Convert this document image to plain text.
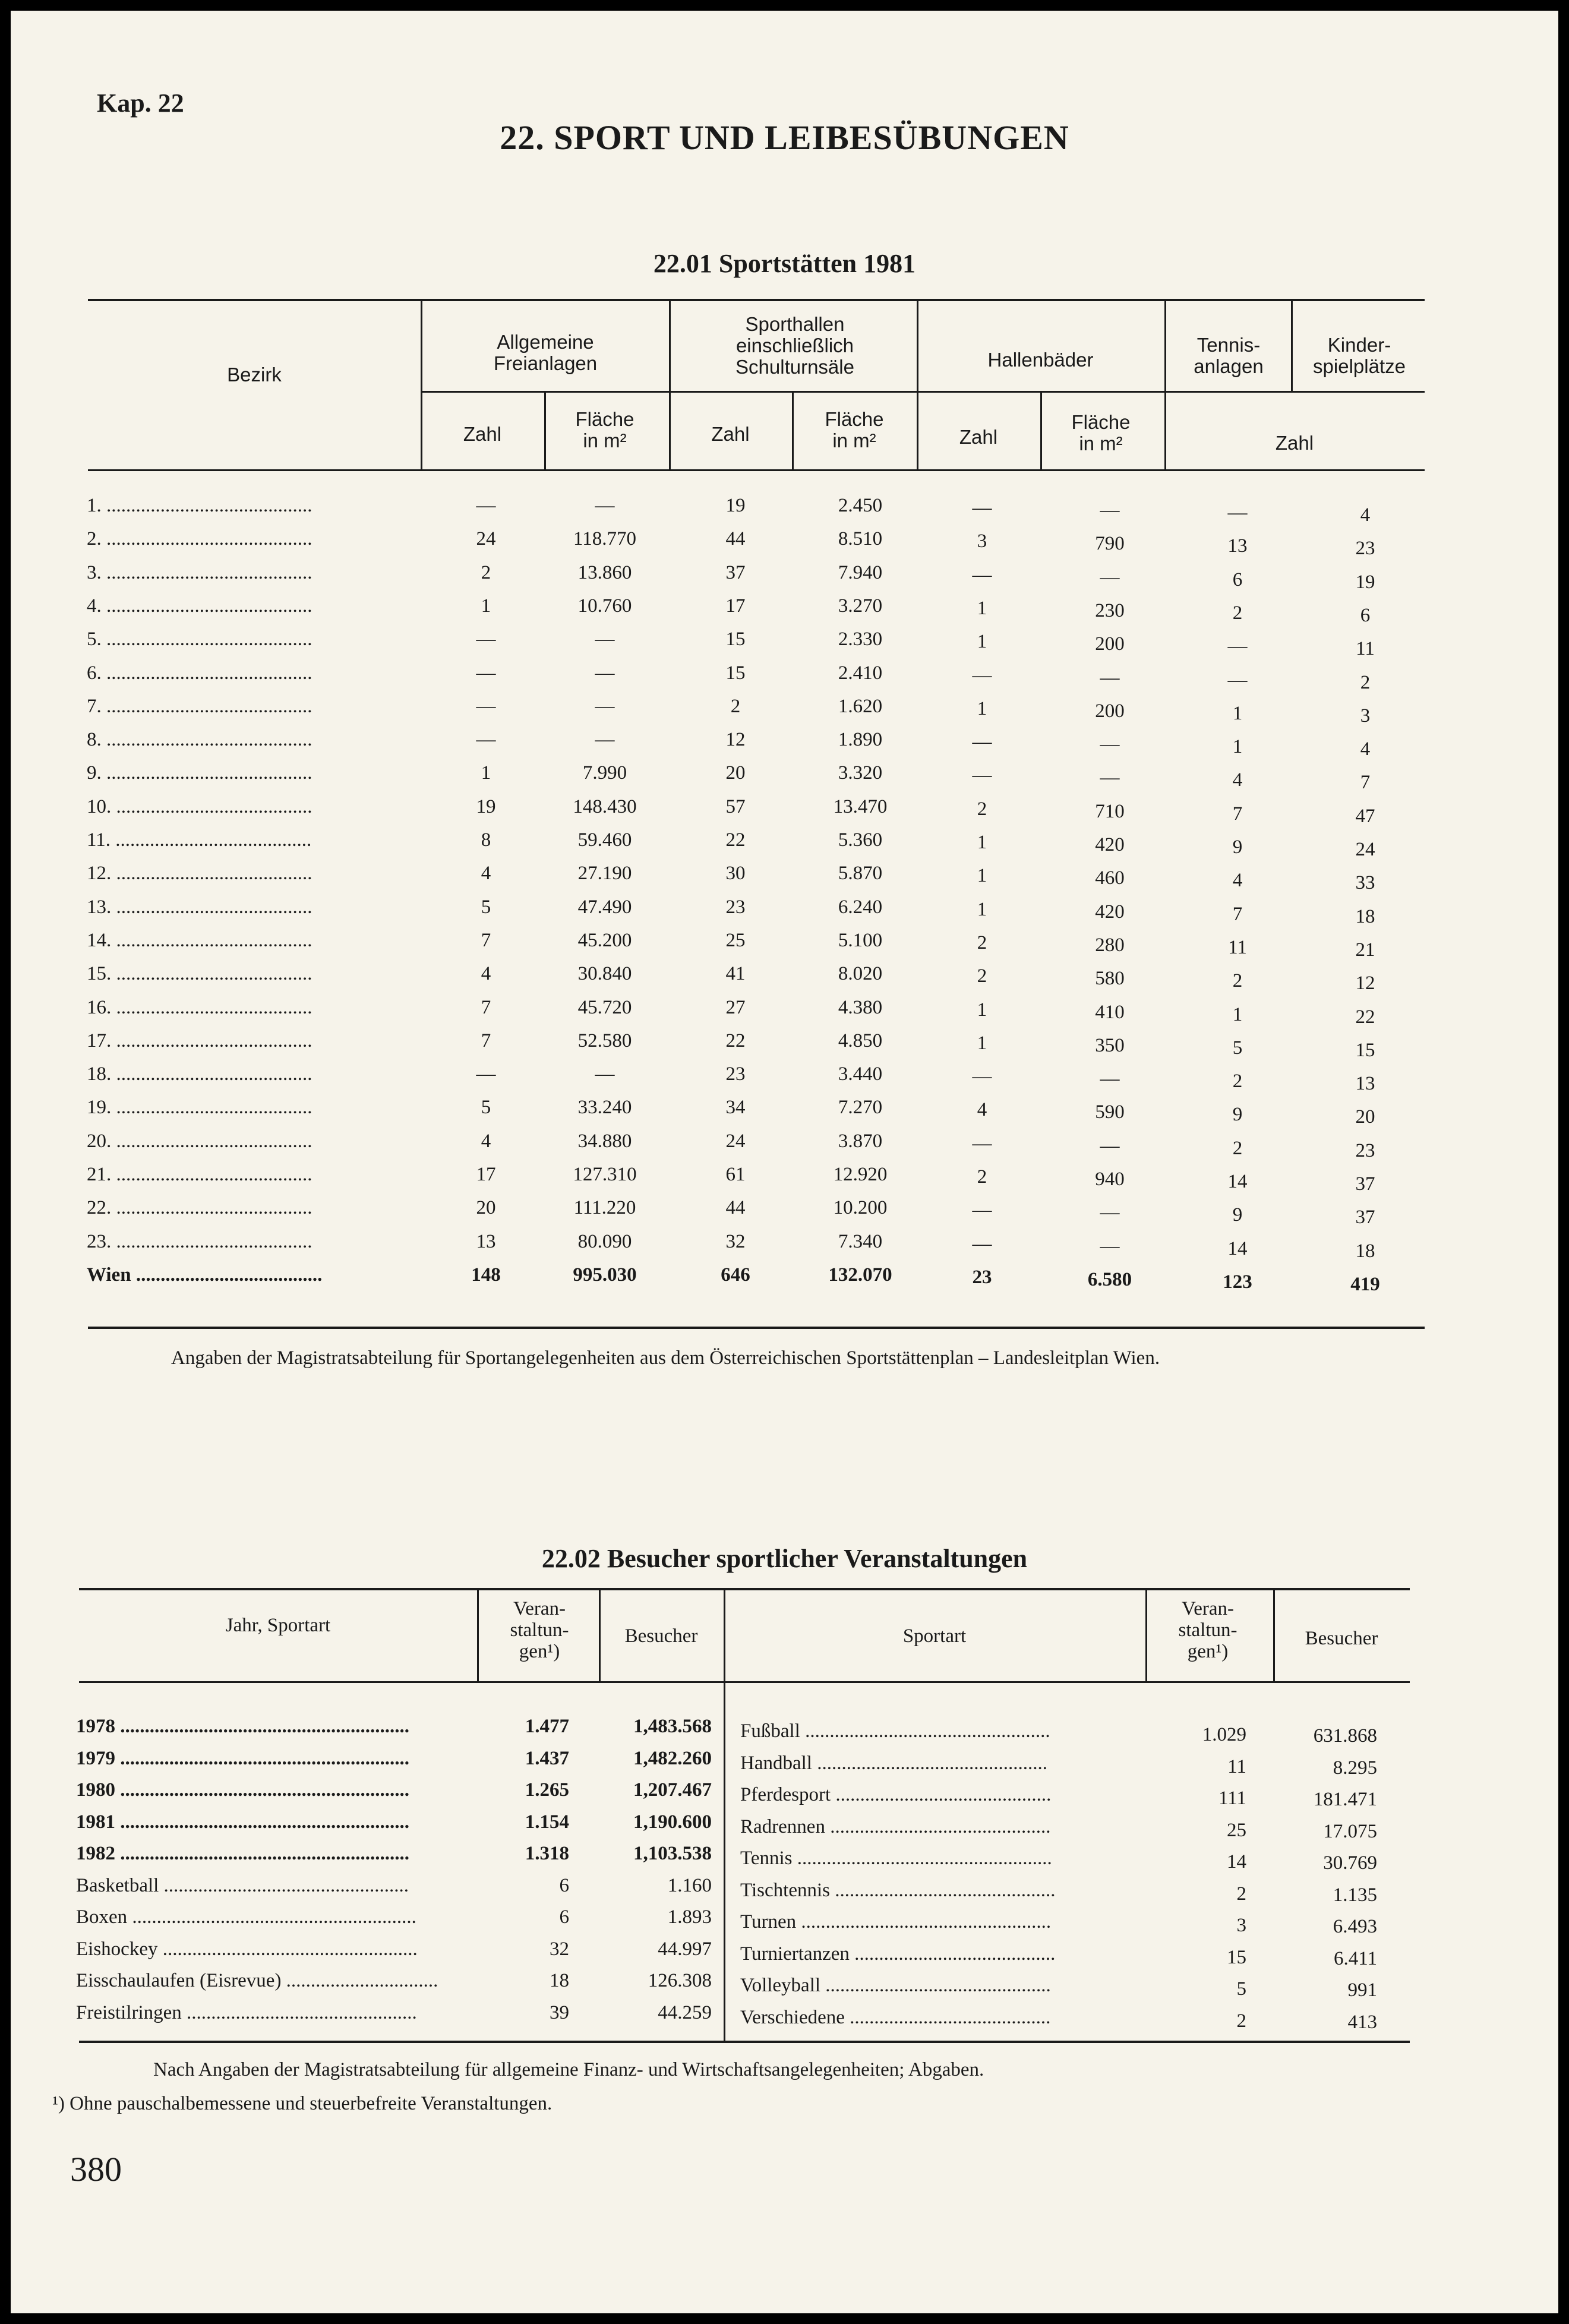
Kap. 22
22. SPORT UND LEIBESÜBUNGEN
22.01 Sportstätten 1981
Bezirk
Allgemeine Freianlagen
Sporthallen einschließlich Schulturnsäle	Hallenbäder
Tennis-anlagen
Kinder-spielplätze
Zahl
Fläche in m²	Zahl
Fläche in m²	Zahl
Fläche in m²	Zahl
1. ..........................................	—	—	19	2.450	—	—	—	4
2. ..........................................	24	118.770	44	8.510	3	790	13	23
3. ..........................................	2	13.860	37	7.940	—	—	6	19
4. ..........................................	1	10.760	17	3.270	1	230	2	6
5. ..........................................	—	—	15	2.330	1	200	—	11
6. ..........................................	—	—	15	2.410	—	—	—	2
7. ..........................................	—	—	2	1.620	1	200	1	3
8. ..........................................	—	—	12	1.890	—	—	1	4
9. ..........................................	1	7.990	20	3.320	—	—	4	7
10. ........................................	19	148.430	57	13.470	2	710	7	47
11. ........................................	8	59.460	22	5.360	1	420	9	24
12. ........................................	4	27.190	30	5.870	1	460	4	33
13. ........................................	5	47.490	23	6.240	1	420	7	18
14. ........................................	7	45.200	25	5.100	2	280	11	21
15. ........................................	4	30.840	41	8.020	2	580	2	12
16. ........................................	7	45.720	27	4.380	1	410	1	22
17. ........................................	7	52.580	22	4.850	1	350	5	15
18. ........................................	—	—	23	3.440	—	—	2	13
19. ........................................	5	33.240	34	7.270	4	590	9	20
20. ........................................	4	34.880	24	3.870	—	—	2	23
21. ........................................	17	127.310	61	12.920	2	940	14	37
22. ........................................	20	111.220	44	10.200	—	—	9	37
23. ........................................	13	80.090	32	7.340	—	—	14	18
Wien ......................................	148	995.030	646	132.070	23	6.580	123	419
Angaben der Magistratsabteilung für Sportangelegenheiten aus dem Österreichischen Sportstättenplan – Landesleitplan Wien.
22.02 Besucher sportlicher Veranstaltungen
Jahr, Sportart
Veran-staltun-gen¹)
Besucher	Sportart
Veran-staltun-gen¹)
Besucher
1978 ...........................................................	1.477	1,483.568 Fußball ..................................................	1.029	631.868
1979 ...........................................................	1.437	1,482.260 Handball ...............................................	11	8.295
1980 ...........................................................	1.265	1,207.467 Pferdesport ............................................	111	181.471
1981 ...........................................................	1.154	1,190.600 Radrennen .............................................	25	17.075
1982 ...........................................................	1.318	1,103.538 Tennis ....................................................	14	30.769
Basketball ..................................................	6	1.160 Tischtennis .............................................	2	1.135
Boxen ..........................................................	6	1.893 Turnen ...................................................	3	6.493
Eishockey ....................................................	32	44.997 Turniertanzen .........................................	15	6.411
Eisschaulaufen (Eisrevue) ...............................	18	126.308 Volleyball ..............................................	5	991
Freistilringen ...............................................	39	44.259 Verschiedene .........................................	2	413
Nach Angaben der Magistratsabteilung für allgemeine Finanz- und Wirtschaftsangelegenheiten; Abgaben.
¹) Ohne pauschalbemessene und steuerbefreite Veranstaltungen.
380
